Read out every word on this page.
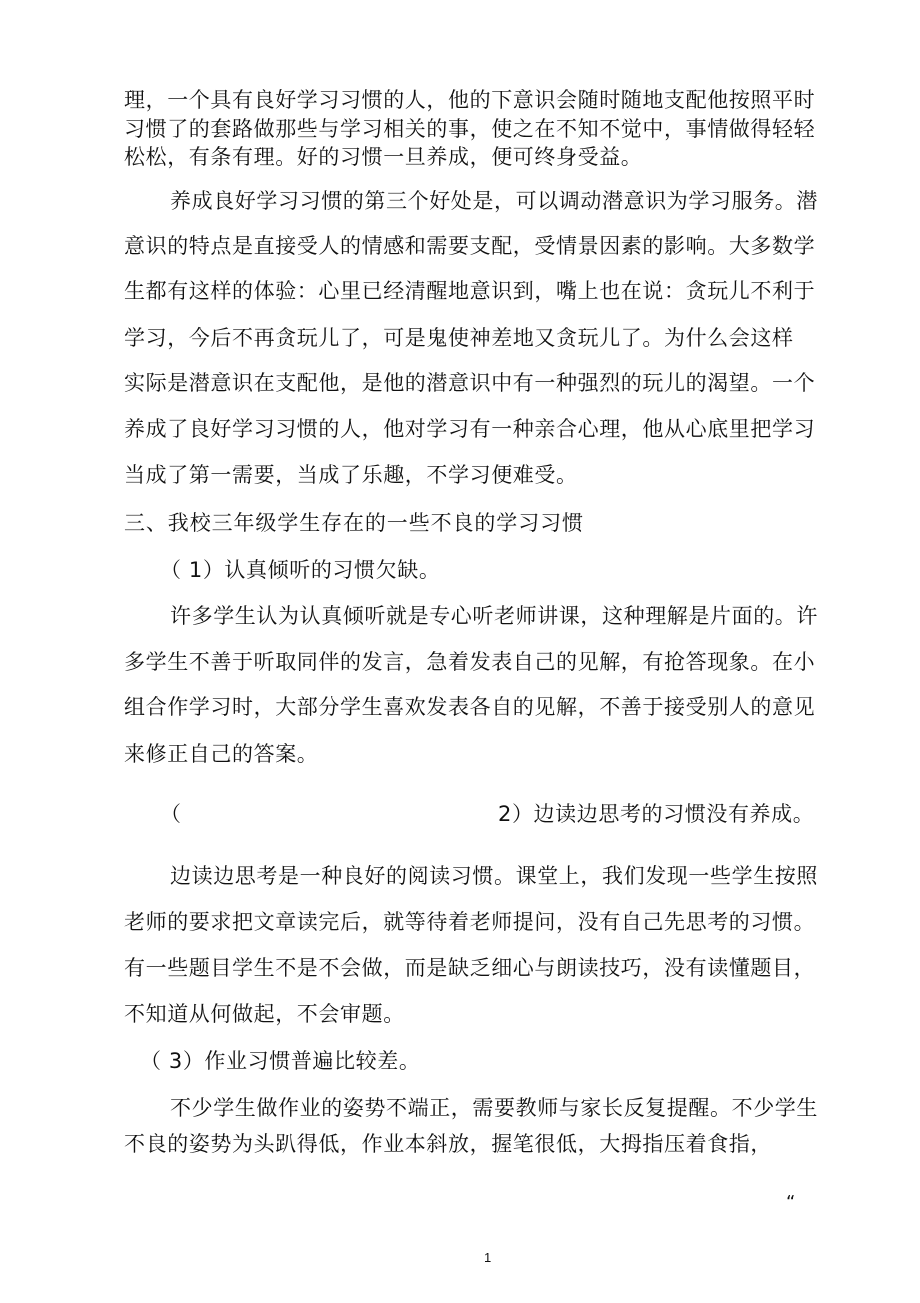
理，一个具有良好学习习惯的人，他的下意识会随时随地支配他按照平时
习惯了的套路做那些与学习相关的事，使之在不知不觉中，事情做得轻轻
松松，有条有理。好的习惯一旦养成，便可终身受益。
养成良好学习习惯的第三个好处是，可以调动潜意识为学习服务。潜
意识的特点是直接受人的情感和需要支配，受情景因素的影响。大多数学
生都有这样的体验：心里已经清醒地意识到，嘴上也在说：贪玩儿不利于
学习，今后不再贪玩儿了，可是鬼使神差地又贪玩儿了。为什么会这样
实际是潜意识在支配他，是他的潜意识中有一种强烈的玩儿的渴望。一个
养成了良好学习习惯的人，他对学习有一种亲合心理，他从心底里把学习
当成了第一需要，当成了乐趣，不学习便难受。
三、我校三年级学生存在的一些不良的学习习惯
（ 1）认真倾听的习惯欠缺。
许多学生认为认真倾听就是专心听老师讲课，这种理解是片面的。许
多学生不善于听取同伴的发言，急着发表自己的见解，有抢答现象。在小
组合作学习时，大部分学生喜欢发表各自的见解，不善于接受别人的意见
来修正自己的答案。
（	2）边读边思考的习惯没有养成。
边读边思考是一种良好的阅读习惯。课堂上，我们发现一些学生按照
老师的要求把文章读完后，就等待着老师提问，没有自己先思考的习惯。
有一些题目学生不是不会做，而是缺乏细心与朗读技巧，没有读懂题目，
不知道从何做起，不会审题。
（ 3）作业习惯普遍比较差。
不少学生做作业的姿势不端正，需要教师与家长反复提醒。不少学生
不良的姿势为头趴得低，作业本斜放，握笔很低，大拇指压着食指，
“
1
